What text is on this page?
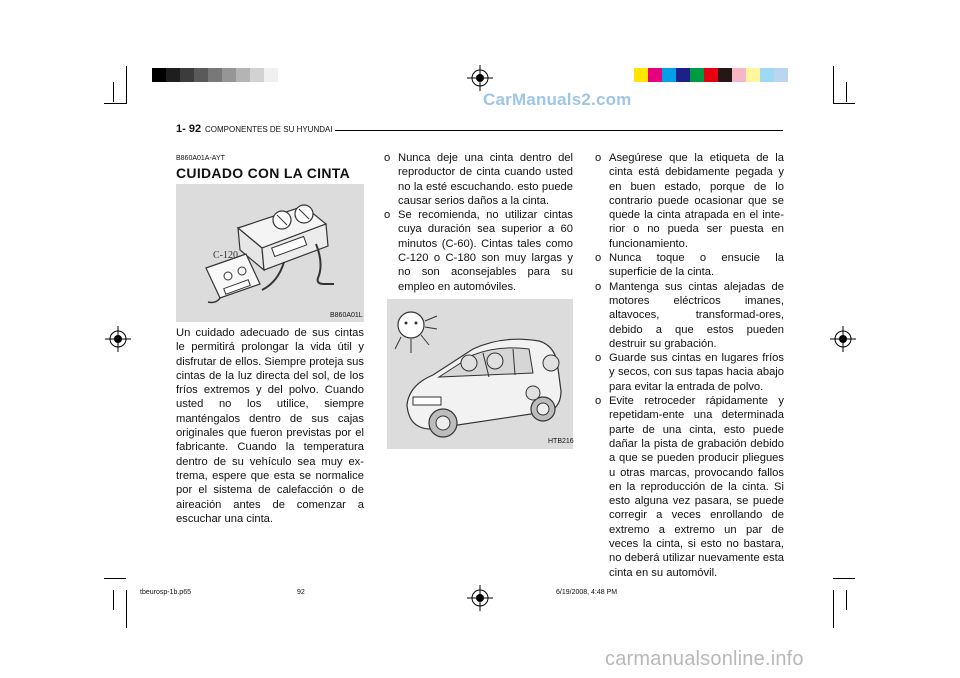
CarManuals2.com
1- 92 COMPONENTES DE SU HYUNDAI
B860A01A-AYT
CUIDADO CON LA CINTA
C-120
B860A01L
Un cuidado adecuado de sus cintas le permitirá prolongar la vida útil y disfrutar de ellos. Siempre proteja sus cintas de la luz directa del sol, de los fríos extremos y del polvo. Cuando usted no los utilice, siempre manténgalos dentro de sus cajas originales que fueron previstas por el fabricante. Cuando la temperatura dentro de su vehículo sea muy ex-trema, espere que esta se normalice por el sistema de calefacción o de aireación antes de comenzar a escuchar una cinta.
o Nunca deje una cinta dentro del reproductor de cinta cuando usted no la esté escuchando. esto puede causar serios daños a la cinta.
o Se recomienda, no utilizar cintas cuya duración sea superior a 60 minutos (C-60). Cintas tales como C-120 o C-180 son muy largas y no son aconsejables para su empleo en automóviles.
HTB216
o Asegúrese que la etiqueta de la cinta está debidamente pegada y en buen estado, porque de lo contrario puede ocasionar que se quede la cinta atrapada en el inte-rior o no pueda ser puesta en funcionamiento.
o Nunca toque o ensucie la superficie de la cinta.
o Mantenga sus cintas alejadas de motores eléctricos imanes, altavoces, transformad-ores, debido a que estos pueden destruir su grabación.
o Guarde sus cintas en lugares fríos y secos, con sus tapas hacia abajo para evitar la entrada de polvo.
o Evite retroceder rápidamente y repetidam-ente una determinada parte de una cinta, esto puede dañar la pista de grabación debido a que se pueden producir pliegues u otras marcas, provocando fallos en la reproducción de la cinta. Si esto alguna vez pasara, se puede corregir a veces enrollando de extremo a extremo un par de veces la cinta, si esto no bastara, no deberá utilizar nuevamente esta cinta en su automóvil.
tbeurosp-1b.p65	92	6/19/2008, 4:48 PM
carmanualsonline.info
